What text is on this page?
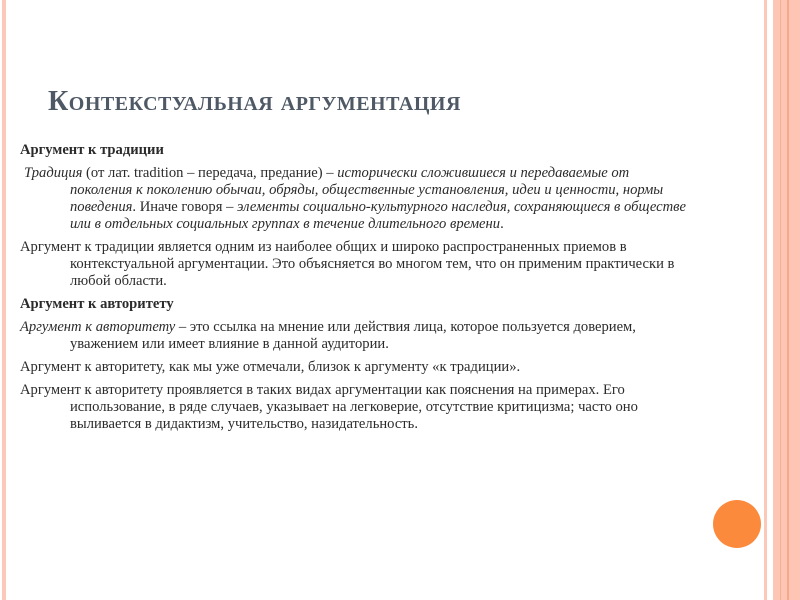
Контекстуальная аргументация
Аргумент к традиции
Традиция (от лат. tradition – передача, предание) – исторически сложившиеся и передаваемые от поколения к поколению обычаи, обряды, общественные установления, идеи и ценности, нормы поведения. Иначе говоря – элементы социально-культурного наследия, сохраняющиеся в обществе или в отдельных социальных группах в течение длительного времени.
Аргумент к традиции является одним из наиболее общих и широко распространенных приемов в контекстуальной аргументации. Это объясняется во многом тем, что он применим практически в любой области.
Аргумент к авторитету
Аргумент к авторитету – это ссылка на мнение или действия лица, которое пользуется доверием, уважением или имеет влияние в данной аудитории.
Аргумент к авторитету, как мы уже отмечали, близок к аргументу «к традиции».
Аргумент к авторитету проявляется в таких видах аргументации как пояснения на примерах. Его использование, в ряде случаев, указывает на легковерие, отсутствие критицизма; часто оно выливается в дидактизм, учительство, назидательность.
